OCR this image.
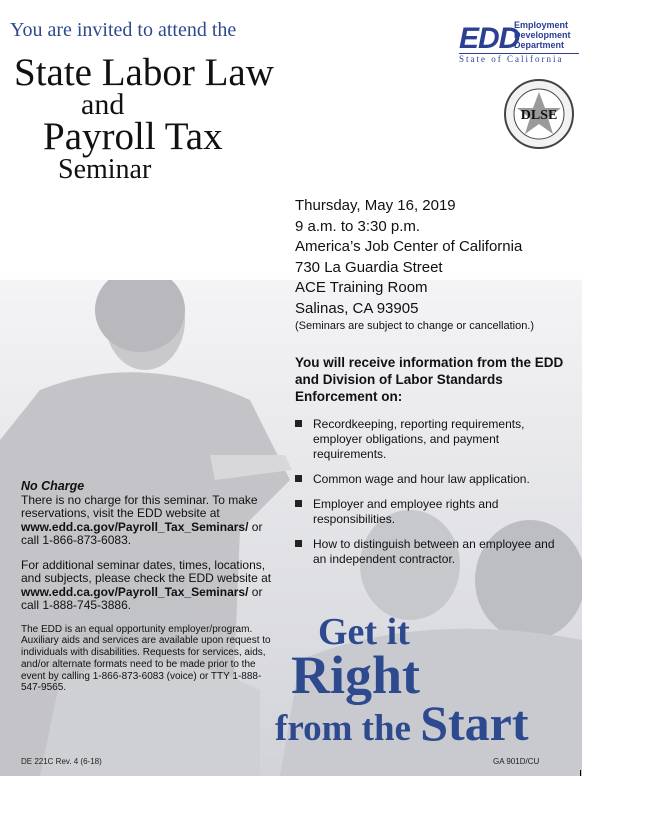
You are invited to attend the
State Labor Law
and
Payroll Tax
Seminar
EDD
Employment
Development
Department
State of California
DLSE
Thursday, May 16, 2019
9 a.m. to 3:30 p.m.
America’s Job Center of California
730 La Guardia Street
ACE Training Room
Salinas, CA 93905
(Seminars are subject to change or cancellation.)
You will receive information from the EDD and Division of Labor Standards Enforcement on:
Recordkeeping, reporting requirements, employer obligations, and payment requirements.
Common wage and hour law application.
Employer and employee rights and responsibilities.
How to distinguish between an employee and an independent contractor.
No Charge

There is no charge for this seminar. To make reservations, visit the EDD website at www.edd.ca.gov/Payroll_Tax_Seminars/ or call 1-866-873-6083.

For additional seminar dates, times, locations, and subjects, please check the EDD website at www.edd.ca.gov/Payroll_Tax_Seminars/ or call 1-888-745-3886.

The EDD is an equal opportunity employer/program. Auxiliary aids and services are available upon request to individuals with disabilities. Requests for services, aids, and/or alternate formats need to be made prior to the event by calling 1-866-873-6083 (voice) or TTY 1-888-547-9565.

Get it
Right
from the Start
DE 221C Rev. 4 (6-18)	GA 901D/CU
